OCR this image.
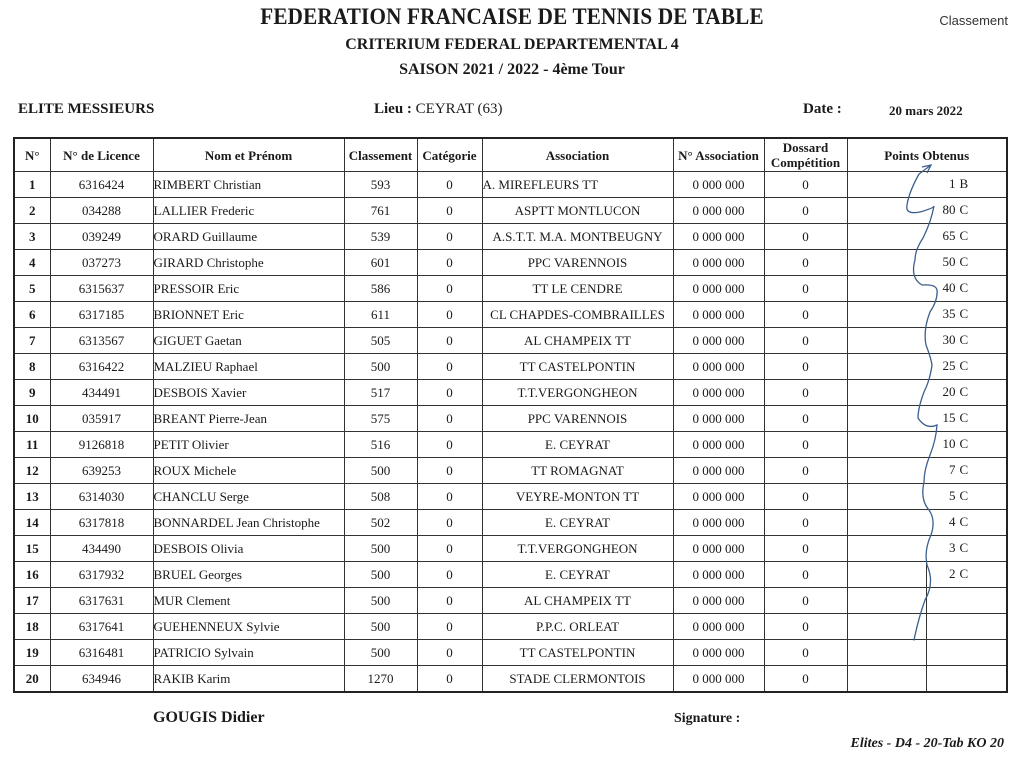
FEDERATION FRANCAISE DE TENNIS DE TABLE
CRITERIUM FEDERAL DEPARTEMENTAL 4
SAISON 2021 / 2022 - 4ème Tour
Classement
ELITE MESSIEURS	Lieu : CEYRAT (63)	Date :	20 mars 2022
N°	N° de Licence	Nom et Prénom	Classement	Catégorie	Association	N° Association	Dossard Compétition	Points Obtenus
1	6316424	RIMBERT Christian	593	0	A. MIREFLEURS TT	0 000 000	0	1 B

2	034288	LALLIER Frederic	761	0	ASPTT MONTLUCON	0 000 000	0	80 C

3	039249	ORARD Guillaume	539	0	A.S.T.T. M.A. MONTBEUGNY	0 000 000	0	65 C

4	037273	GIRARD Christophe	601	0	PPC VARENNOIS	0 000 000	0	50 C

5	6315637	PRESSOIR Eric	586	0	TT LE CENDRE	0 000 000	0	40 C

6	6317185	BRIONNET Eric	611	0	CL CHAPDES-COMBRAILLES	0 000 000	0	35 C

7	6313567	GIGUET Gaetan	505	0	AL CHAMPEIX TT	0 000 000	0	30 C

8	6316422	MALZIEU Raphael	500	0	TT CASTELPONTIN	0 000 000	0	25 C

9	434491	DESBOIS Xavier	517	0	T.T.VERGONGHEON	0 000 000	0	20 C

10	035917	BREANT Pierre-Jean	575	0	PPC VARENNOIS	0 000 000	0	15 C

11	9126818	PETIT Olivier	516	0	E. CEYRAT	0 000 000	0	10 C

12	639253	ROUX Michele	500	0	TT ROMAGNAT	0 000 000	0	7 C

13	6314030	CHANCLU Serge	508	0	VEYRE-MONTON TT	0 000 000	0	5 C

14	6317818	BONNARDEL Jean Christophe	502	0	E. CEYRAT	0 000 000	0	4 C

15	434490	DESBOIS Olivia	500	0	T.T.VERGONGHEON	0 000 000	0	3 C

16	6317932	BRUEL Georges	500	0	E. CEYRAT	0 000 000	0	2 C

17	6317631	MUR Clement	500	0	AL CHAMPEIX TT	0 000 000	0	

18	6317641	GUEHENNEUX Sylvie	500	0	P.P.C. ORLEAT	0 000 000	0	

19	6316481	PATRICIO Sylvain	500	0	TT CASTELPONTIN	0 000 000	0	

20	634946	RAKIB Karim	1270	0	STADE CLERMONTOIS	0 000 000	0	
GOUGIS Didier	Signature :
Elites - D4 - 20-Tab KO 20
